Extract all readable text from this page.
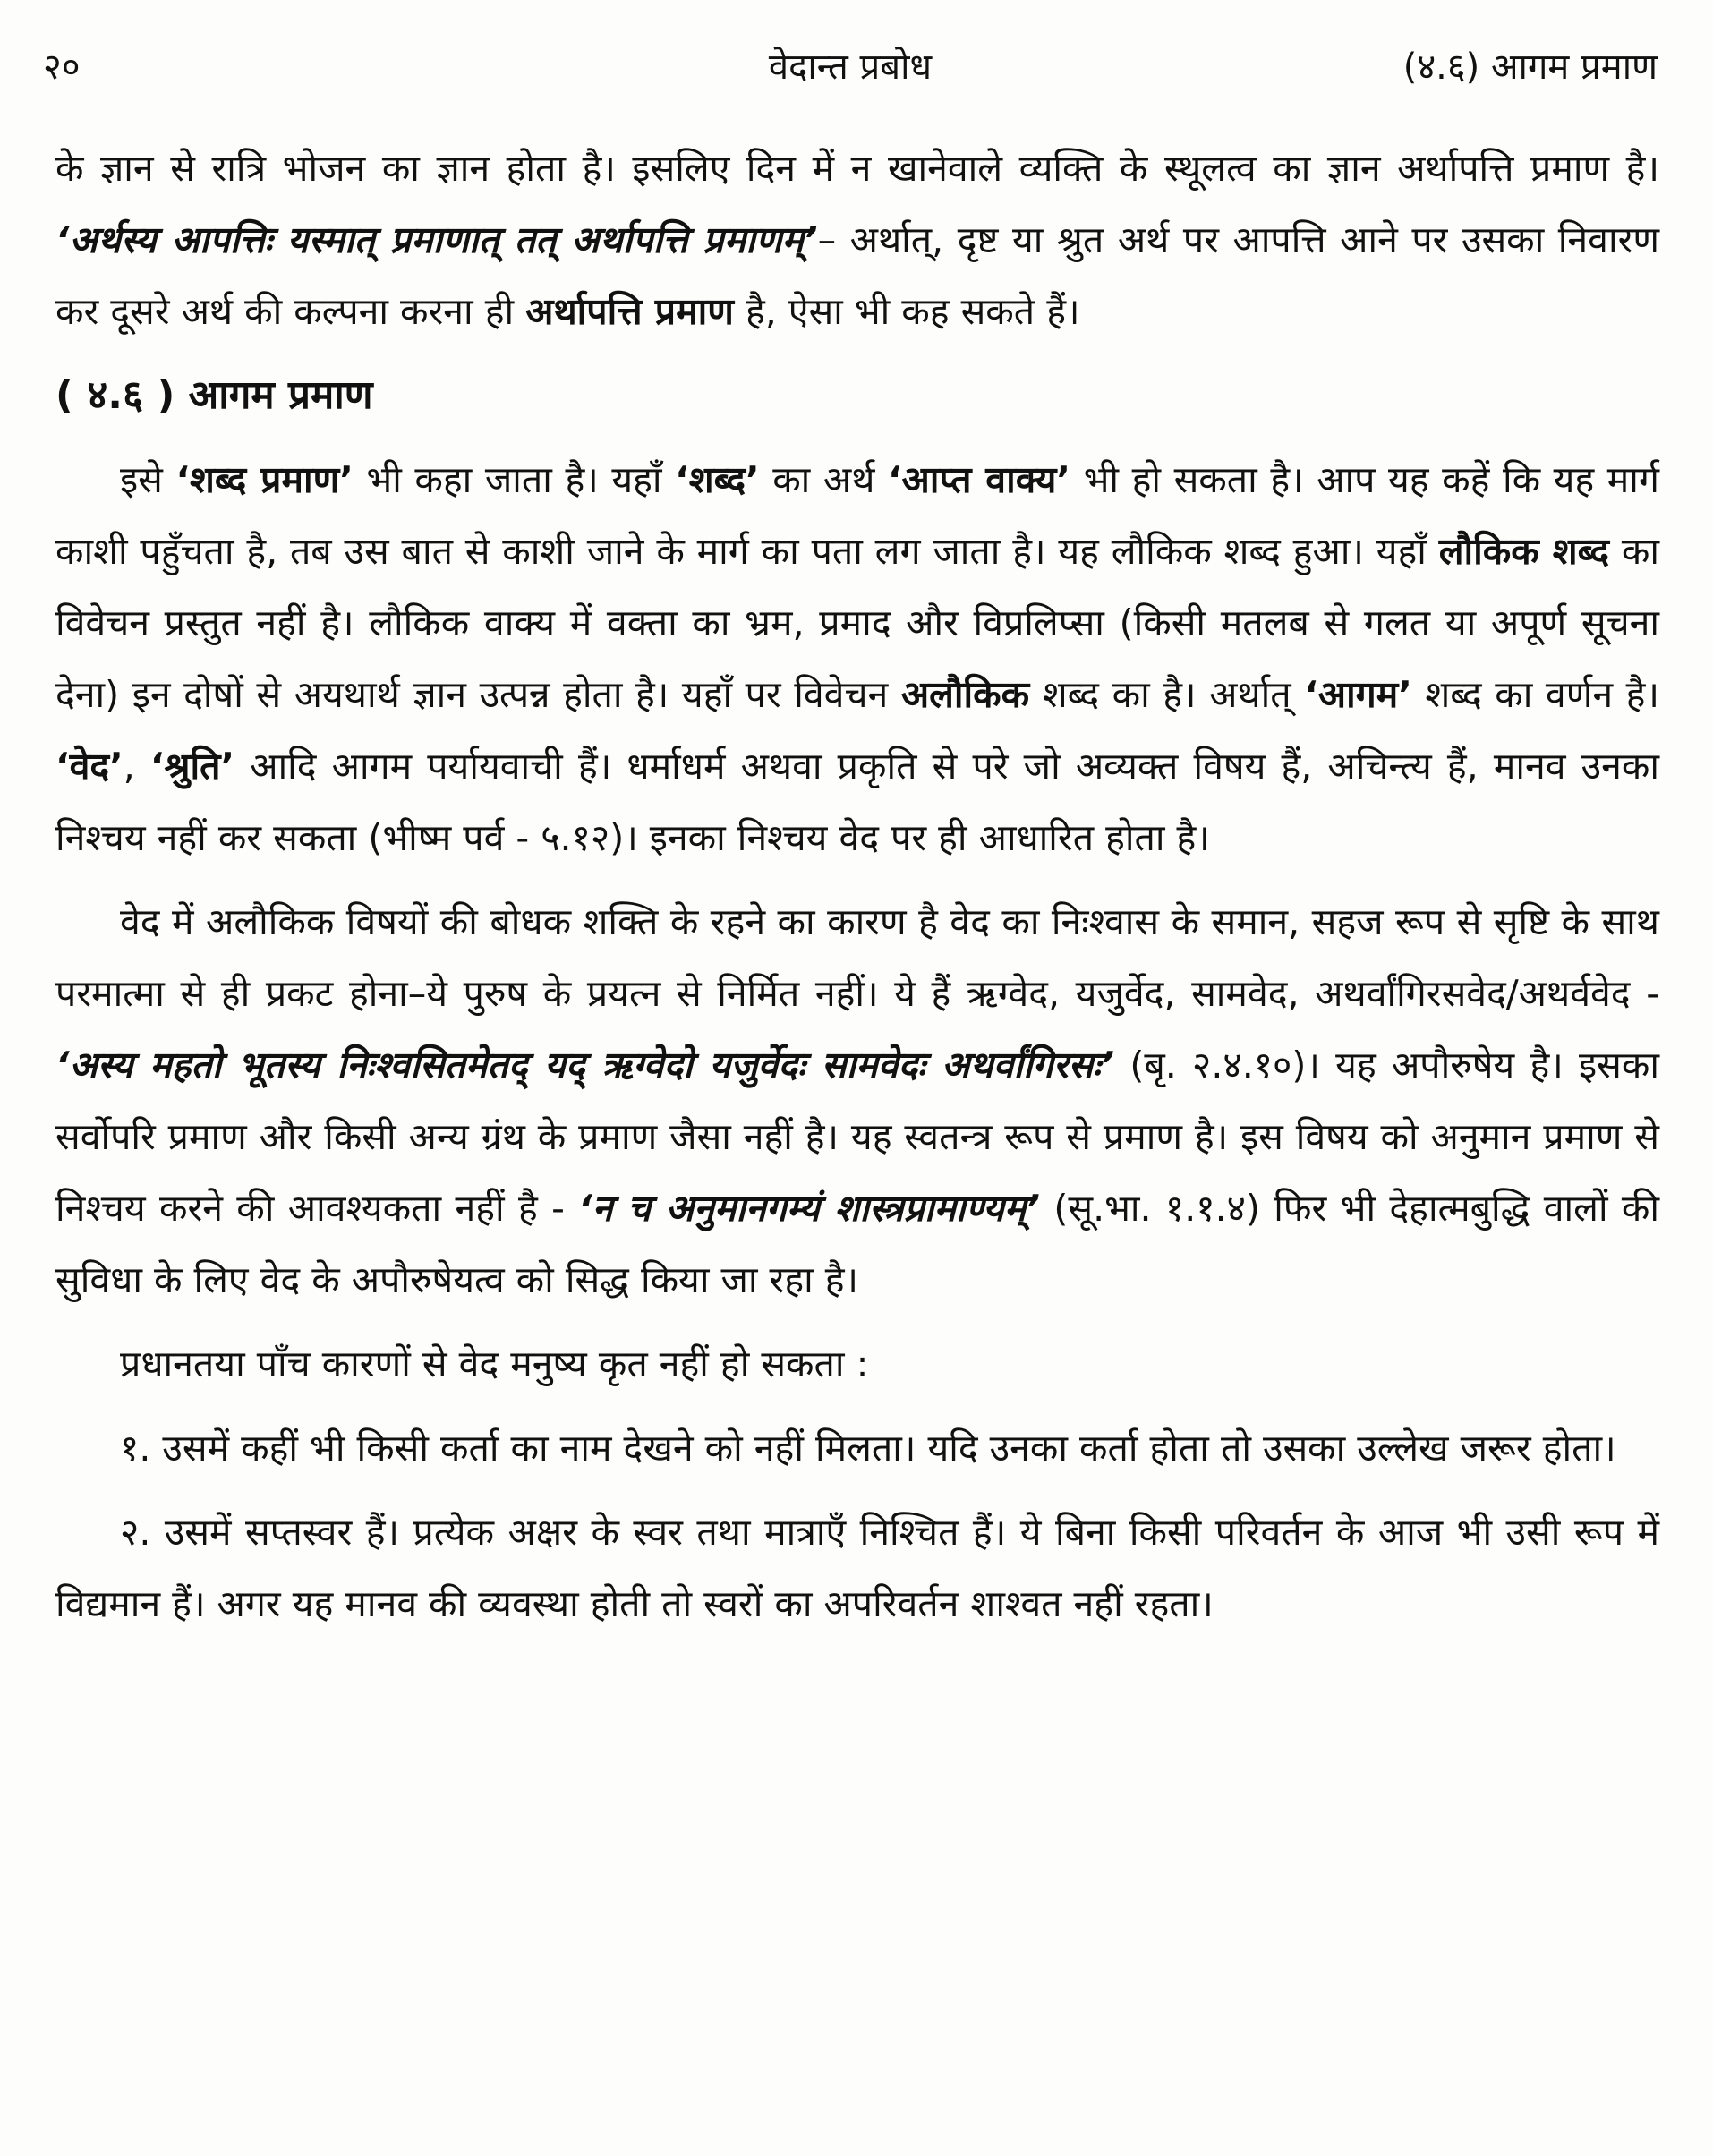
२०	वेदान्त प्रबोध	(४.६) आगम प्रमाण

के ज्ञान से रात्रि भोजन का ज्ञान होता है। इसलिए दिन में न खानेवाले व्यक्ति के स्थूलत्व का ज्ञान अर्थापत्ति प्रमाण है। ‘अर्थस्य आपत्तिः यस्मात् प्रमाणात् तत् अर्थापत्ति प्रमाणम्’– अर्थात्, दृष्ट या श्रुत अर्थ पर आपत्ति आने पर उसका निवारण कर दूसरे अर्थ की कल्पना करना ही अर्थापत्ति प्रमाण है, ऐसा भी कह सकते हैं।

( ४.६ ) आगम प्रमाण

इसे ‘शब्द प्रमाण’ भी कहा जाता है। यहाँ ‘शब्द’ का अर्थ ‘आप्त वाक्य’ भी हो सकता है। आप यह कहें कि यह मार्ग काशी पहुँचता है, तब उस बात से काशी जाने के मार्ग का पता लग जाता है। यह लौकिक शब्द हुआ। यहाँ लौकिक शब्द का विवेचन प्रस्तुत नहीं है। लौकिक वाक्य में वक्ता का भ्रम, प्रमाद और विप्रलिप्सा (किसी मतलब से गलत या अपूर्ण सूचना देना) इन दोषों से अयथार्थ ज्ञान उत्पन्न होता है। यहाँ पर विवेचन अलौकिक शब्द का है। अर्थात् ‘आगम’ शब्द का वर्णन है। ‘वेद’, ‘श्रुति’ आदि आगम पर्यायवाची हैं। धर्माधर्म अथवा प्रकृति से परे जो अव्यक्त विषय हैं, अचिन्त्य हैं, मानव उनका निश्चय नहीं कर सकता (भीष्म पर्व - ५.१२)। इनका निश्चय वेद पर ही आधारित होता है।

वेद में अलौकिक विषयों की बोधक शक्ति के रहने का कारण है वेद का निःश्वास के समान, सहज रूप से सृष्टि के साथ परमात्मा से ही प्रकट होना–ये पुरुष के प्रयत्न से निर्मित नहीं। ये हैं ऋग्वेद, यजुर्वेद, सामवेद, अथर्वांगिरसवेद/अथर्ववेद - ‘अस्य महतो भूतस्य निःश्वसितमेतद् यद् ऋग्वेदो यजुर्वेदः सामवेदः अथर्वांगिरसः’ (बृ. २.४.१०)। यह अपौरुषेय है। इसका सर्वोपरि प्रमाण और किसी अन्य ग्रंथ के प्रमाण जैसा नहीं है। यह स्वतन्त्र रूप से प्रमाण है। इस विषय को अनुमान प्रमाण से निश्चय करने की आवश्यकता नहीं है - ‘न च अनुमानगम्यं शास्त्रप्रामाण्यम्’ (सू.भा. १.१.४) फिर भी देहात्मबुद्धि वालों की सुविधा के लिए वेद के अपौरुषेयत्व को सिद्ध किया जा रहा है।

प्रधानतया पाँच कारणों से वेद मनुष्य कृत नहीं हो सकता :

१. उसमें कहीं भी किसी कर्ता का नाम देखने को नहीं मिलता। यदि उनका कर्ता होता तो उसका उल्लेख जरूर होता।

२. उसमें सप्तस्वर हैं। प्रत्येक अक्षर के स्वर तथा मात्राएँ निश्चित हैं। ये बिना किसी परिवर्तन के आज भी उसी रूप में विद्यमान हैं। अगर यह मानव की व्यवस्था होती तो स्वरों का अपरिवर्तन शाश्वत नहीं रहता।
